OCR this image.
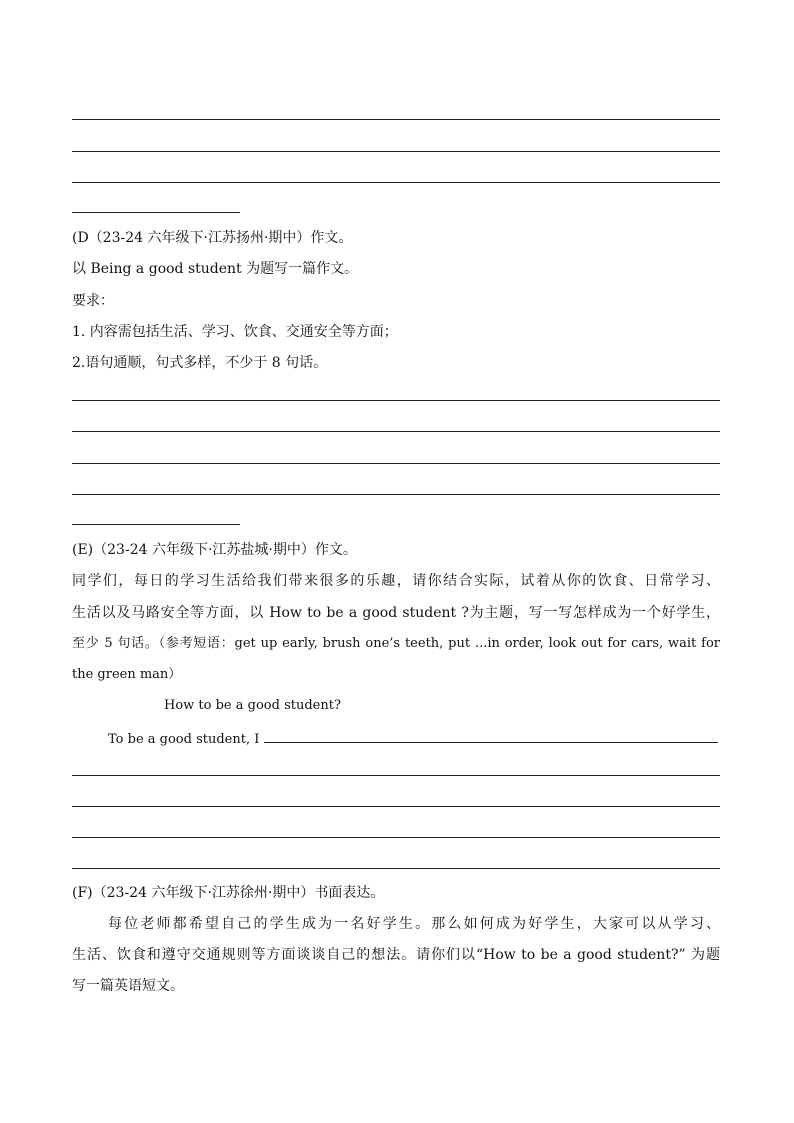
(D（23-24 六年级下·江苏扬州·期中）作文。
以 Being a good student 为题写一篇作文。
要求：
1. 内容需包括生活、学习、饮食、交通安全等方面；
2.语句通顺，句式多样，不少于 8 句话。
(E)（23-24 六年级下·江苏盐城·期中）作文。
同学们，每日的学习生活给我们带来很多的乐趣，请你结合实际，试着从你的饮食、日常学习、
生活以及马路安全等方面，以 How to be a good student ?为主题，写一写怎样成为一个好学生，
至少 5 句话。（参考短语：get up early, brush one’s teeth, put ...in order, look out for cars, wait for
the green man）
How to be a good student?
To be a good student, I
(F)（23-24 六年级下·江苏徐州·期中）书面表达。
每位老师都希望自己的学生成为一名好学生。那么如何成为好学生，大家可以从学习、
生活、饮食和遵守交通规则等方面谈谈自己的想法。请你们以“How to be a good student?” 为题
写一篇英语短文。
